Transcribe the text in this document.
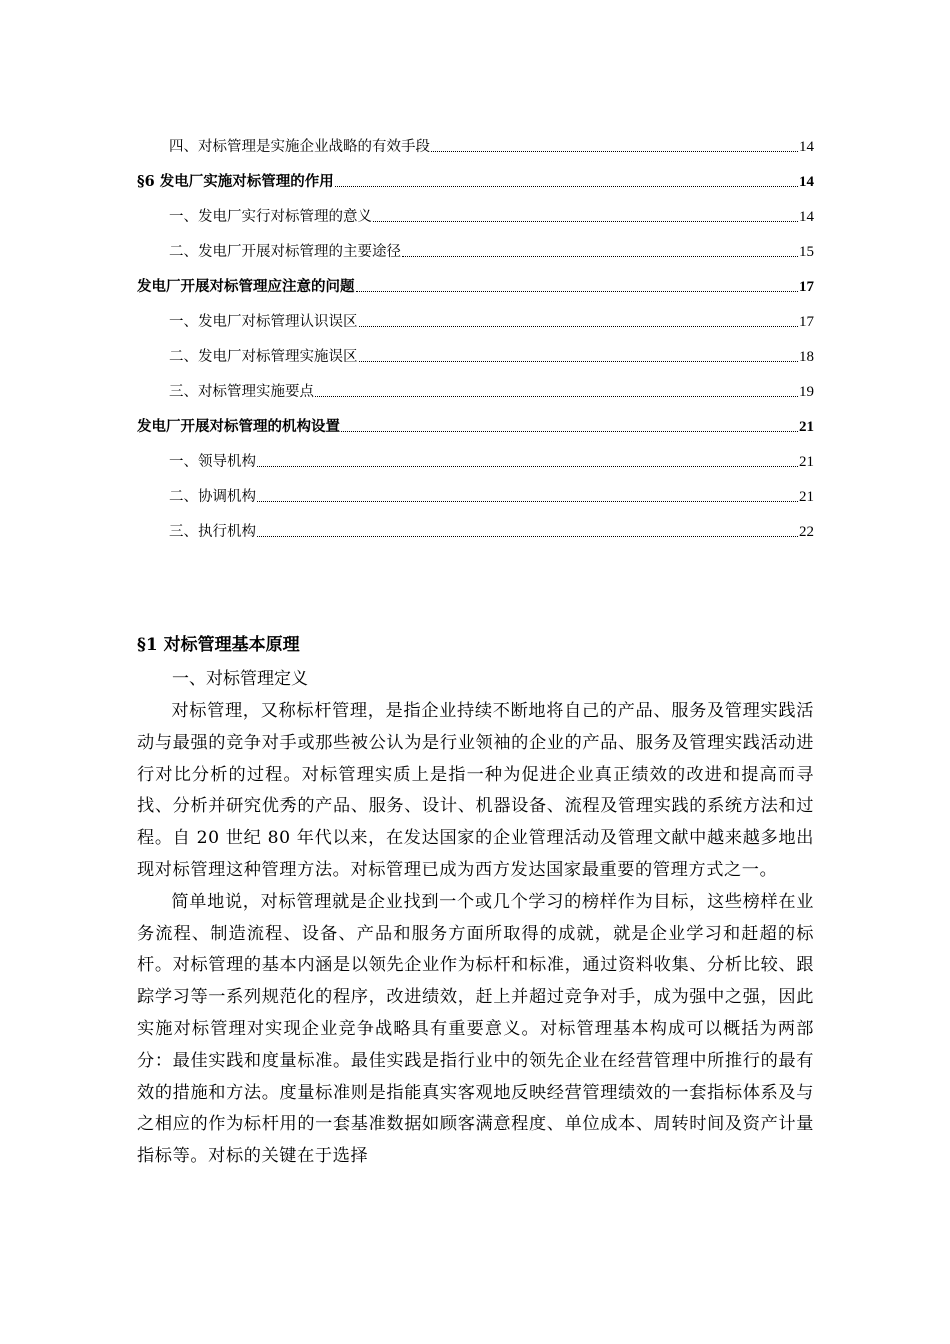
四、对标管理是实施企业战略的有效手段	14
§6 发电厂实施对标管理的作用	14
一、发电厂实行对标管理的意义	14
二、发电厂开展对标管理的主要途径	15
发电厂开展对标管理应注意的问题	17
一、发电厂对标管理认识误区	17
二、发电厂对标管理实施误区	18
三、对标管理实施要点	19
发电厂开展对标管理的机构设置	21
一、领导机构	21
二、协调机构	21
三、执行机构	22
§1 对标管理基本原理
一、对标管理定义

对标管理，又称标杆管理，是指企业持续不断地将自己的产品、服务及管理实践活动与最强的竞争对手或那些被公认为是行业领袖的企业的产品、服务及管理实践活动进行对比分析的过程。对标管理实质上是指一种为促进企业真正绩效的改进和提高而寻找、分析并研究优秀的产品、服务、设计、机器设备、流程及管理实践的系统方法和过程。自 20 世纪 80 年代以来，在发达国家的企业管理活动及管理文献中越来越多地出现对标管理这种管理方法。对标管理已成为西方发达国家最重要的管理方式之一。

简单地说，对标管理就是企业找到一个或几个学习的榜样作为目标，这些榜样在业务流程、制造流程、设备、产品和服务方面所取得的成就，就是企业学习和赶超的标杆。对标管理的基本内涵是以领先企业作为标杆和标准，通过资料收集、分析比较、跟踪学习等一系列规范化的程序，改进绩效，赶上并超过竞争对手，成为强中之强，因此实施对标管理对实现企业竞争战略具有重要意义。对标管理基本构成可以概括为两部分：最佳实践和度量标准。最佳实践是指行业中的领先企业在经营管理中所推行的最有效的措施和方法。度量标准则是指能真实客观地反映经营管理绩效的一套指标体系及与之相应的作为标杆用的一套基准数据如顾客满意程度、单位成本、周转时间及资产计量指标等。对标的关键在于选择
